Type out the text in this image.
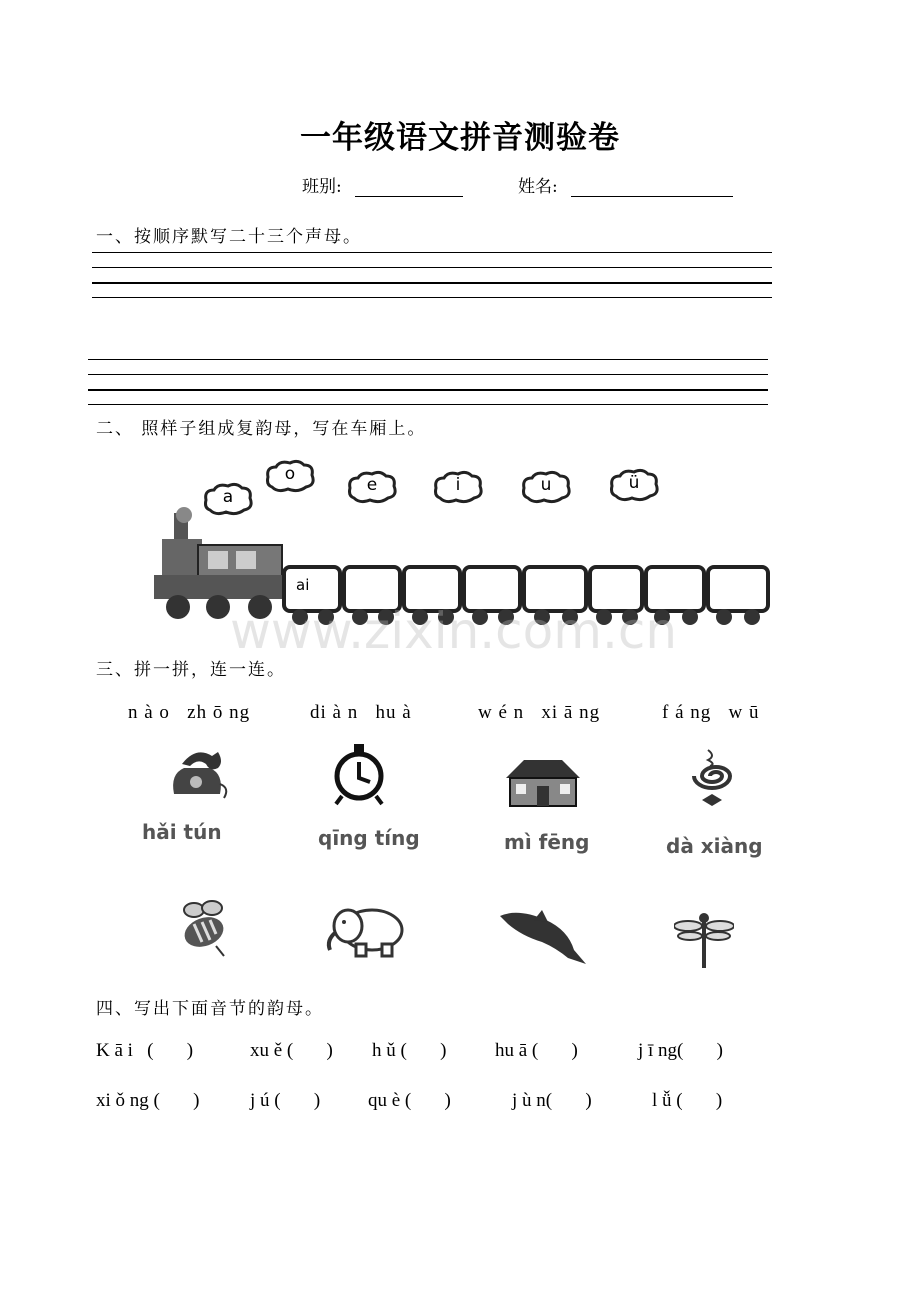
一年级语文拼音测验卷
班别:	姓名:
一、按顺序默写二十三个声母。
二、 照样子组成复韵母，写在车厢上。
a
o
e	i	u	ü
ai
www.zixin.com.cn
三、拼一拼，连一连。
n à o   zh ō ng	di à n   hu à	w é n   xi ā ng	f á ng   w ū
hǎi tún	qīng tíng	mì fēng	dà xiàng
四、写出下面音节的韵母。
K ā i   (       )	xu ě (       ) h ǔ (       )	hu ā (       )	j ī ng(       )
xi ǒ ng (       )	j ú (       )	qu è (       )	j ù n(       )	l ǚ (       )
